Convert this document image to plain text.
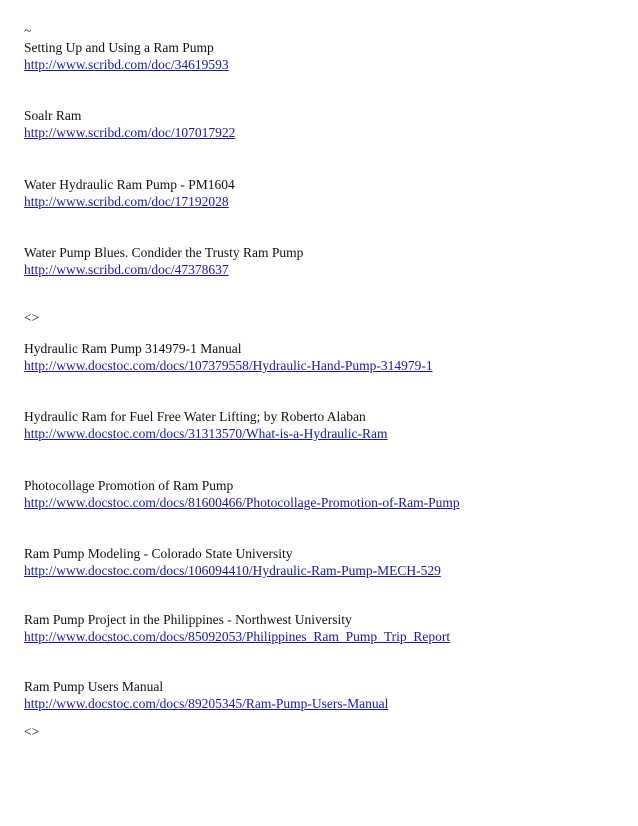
~
Setting Up and Using a Ram Pump
http://www.scribd.com/doc/34619593
Soalr Ram
http://www.scribd.com/doc/107017922
Water Hydraulic Ram Pump - PM1604
http://www.scribd.com/doc/17192028
Water Pump Blues. Condider the Trusty Ram Pump
http://www.scribd.com/doc/47378637
<>
Hydraulic Ram Pump 314979-1 Manual
http://www.docstoc.com/docs/107379558/Hydraulic-Hand-Pump-314979-1
Hydraulic Ram for Fuel Free Water Lifting; by Roberto Alaban
http://www.docstoc.com/docs/31313570/What-is-a-Hydraulic-Ram
Photocollage Promotion of Ram Pump
http://www.docstoc.com/docs/81600466/Photocollage-Promotion-of-Ram-Pump
Ram Pump Modeling - Colorado State University
http://www.docstoc.com/docs/106094410/Hydraulic-Ram-Pump-MECH-529
Ram Pump Project in the Philippines - Northwest University
http://www.docstoc.com/docs/85092053/Philippines_Ram_Pump_Trip_Report
Ram Pump Users Manual
http://www.docstoc.com/docs/89205345/Ram-Pump-Users-Manual
<>
